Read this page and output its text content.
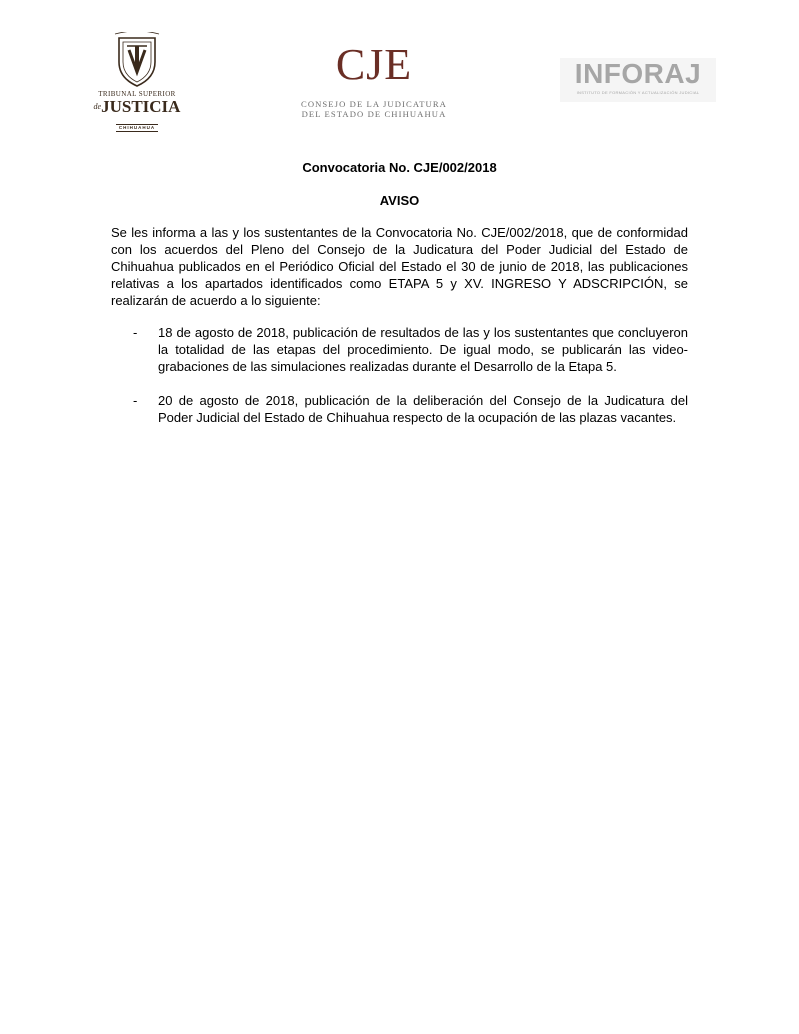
TRIBUNAL SUPERIOR
$^{de}$JUSTICIA
CHIHUAHUA
CJE
CONSEJO DE LA JUDICATURA
DEL ESTADO DE CHIHUAHUA
INFORAJ
INSTITUTO DE FORMACIÓN Y ACTUALIZACIÓN JUDICIAL
Convocatoria No. CJE/002/2018
AVISO

Se les informa a las y los sustentantes de la Convocatoria No. CJE/002/2018, que de conformidad con los acuerdos del Pleno del Consejo de la Judicatura del Poder Judicial del Estado de Chihuahua publicados en el Periódico Oficial del Estado el 30 de junio de 2018, las publicaciones relativas a los apartados identificados como ETAPA 5 y XV. INGRESO Y ADSCRIPCIÓN, se realizarán de acuerdo a lo siguiente:

- 18 de agosto de 2018, publicación de resultados de las y los sustentantes que concluyeron la totalidad de las etapas del procedimiento. De igual modo, se publicarán las video-grabaciones de las simulaciones realizadas durante el Desarrollo de la Etapa 5.
- 20 de agosto de 2018, publicación de la deliberación del Consejo de la Judicatura del Poder Judicial del Estado de Chihuahua respecto de la ocupación de las plazas vacantes.
